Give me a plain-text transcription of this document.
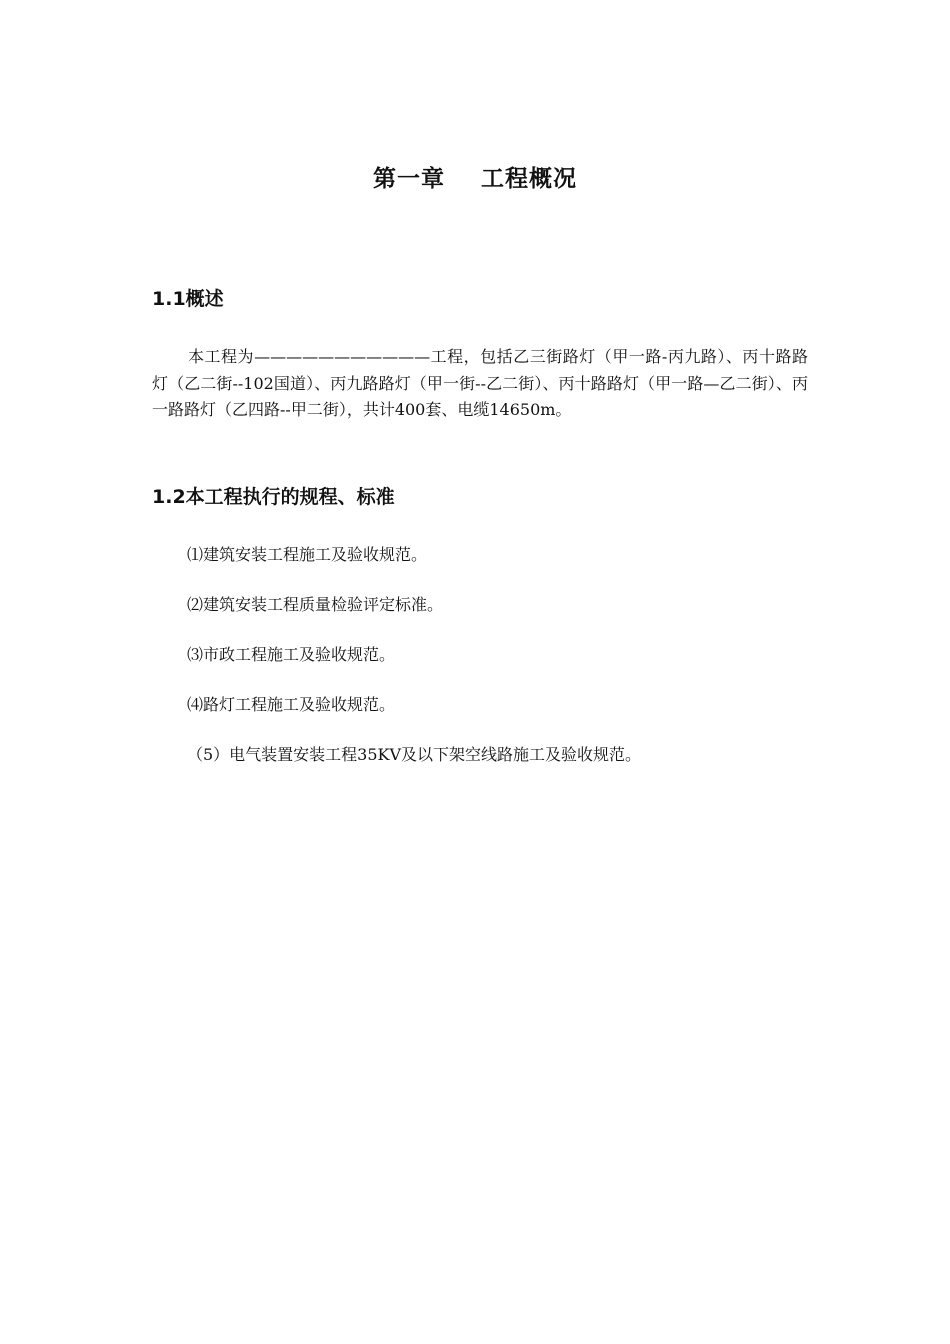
第一章    工程概况
1.1概述
本工程为———————————工程，包括乙三街路灯（甲一路-丙九路）、丙十路路灯（乙二街--102国道）、丙九路路灯（甲一街--乙二街）、丙十路路灯（甲一路—乙二街）、丙一路路灯（乙四路--甲二街），共计400套、电缆14650m。
1.2本工程执行的规程、标准
⑴建筑安装工程施工及验收规范。
⑵建筑安装工程质量检验评定标准。
⑶市政工程施工及验收规范。
⑷路灯工程施工及验收规范。
（5）电气装置安装工程35KV及以下架空线路施工及验收规范。
